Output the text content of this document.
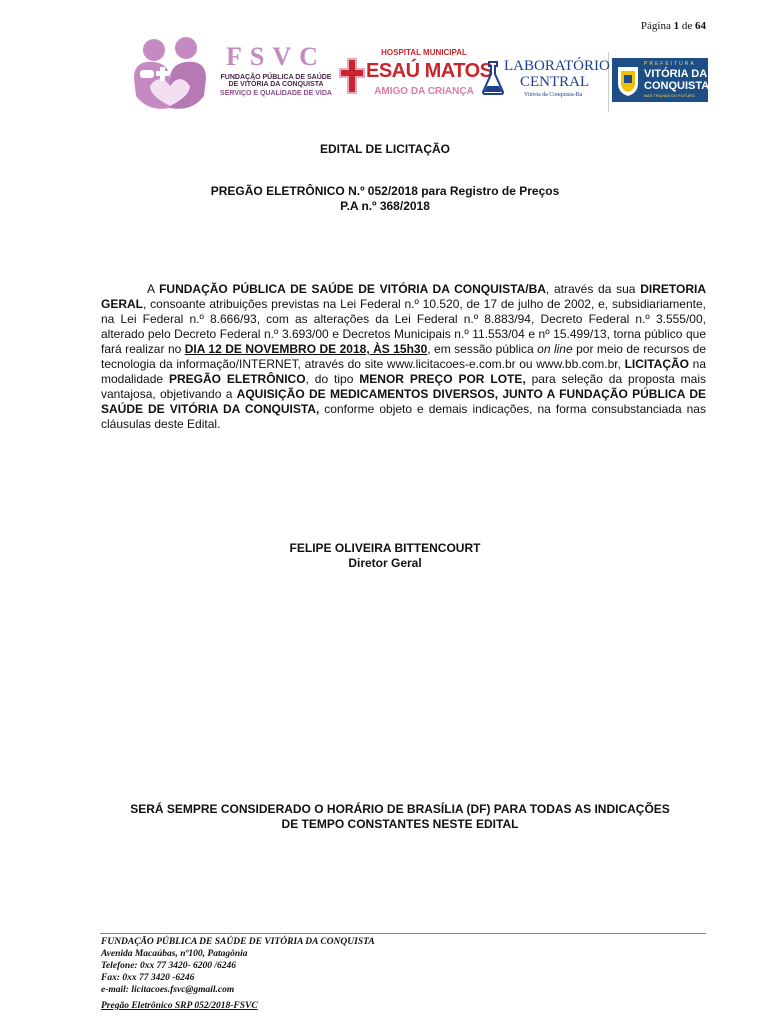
Página 1 de 64
FSVC
FUNDAÇÃO PÚBLICA DE SAÚDE
DE VITÓRIA DA CONQUISTA
SERVIÇO E QUALIDADE DE VIDA
HOSPITAL MUNICIPAL
ESAÚ MATOS
AMIGO DA CRIANÇA
LABORATÓRIO
CENTRAL
Vitória da Conquista-Ba
PREFEITURA
VITÓRIA DA
CONQUISTA
NAS TRILHAS DO FUTURO
EDITAL DE LICITAÇÃO
PREGÃO ELETRÔNICO N.º 052/2018 para Registro de Preços
P.A n.º 368/2018

A FUNDAÇÃO PÚBLICA DE SAÚDE DE VITÓRIA DA CONQUISTA/BA, através da sua DIRETORIA GERAL, consoante atribuições previstas na Lei Federal n.º 10.520, de 17 de julho de 2002, e, subsidiariamente, na Lei Federal n.º 8.666/93, com as alterações da Lei Federal n.º 8.883/94, Decreto Federal n.º 3.555/00, alterado pelo Decreto Federal n.º 3.693/00 e Decretos Municipais n.º 11.553/04 e nº 15.499/13, torna público que fará realizar no DIA 12 DE NOVEMBRO DE 2018, ÀS 15h30, em sessão pública on line por meio de recursos de tecnologia da informação/INTERNET, através do site www.licitacoes-e.com.br ou www.bb.com.br, LICITAÇÃO na modalidade PREGÃO ELETRÔNICO, do tipo MENOR PREÇO POR LOTE, para seleção da proposta mais vantajosa, objetivando a AQUISIÇÃO DE MEDICAMENTOS DIVERSOS, JUNTO A FUNDAÇÃO PÚBLICA DE SAÚDE DE VITÓRIA DA CONQUISTA, conforme objeto e demais indicações, na forma consubstanciada nas cláusulas deste Edital.

FELIPE OLIVEIRA BITTENCOURT
Diretor Geral
SERÁ SEMPRE CONSIDERADO O HORÁRIO DE BRASÍLIA (DF) PARA TODAS AS INDICAÇÕES
DE TEMPO CONSTANTES NESTE EDITAL
FUNDAÇÃO PÚBLICA DE SAÚDE DE VITÓRIA DA CONQUISTA
Avenida Macaúbas, nº100, Patagônia
Telefone: 0xx 77 3420- 6200 /6246
Fax: 0xx 77 3420 -6246
e-mail: licitacoes.fsvc@gmail.com
Pregão Eletrônico SRP 052/2018-FSVC
